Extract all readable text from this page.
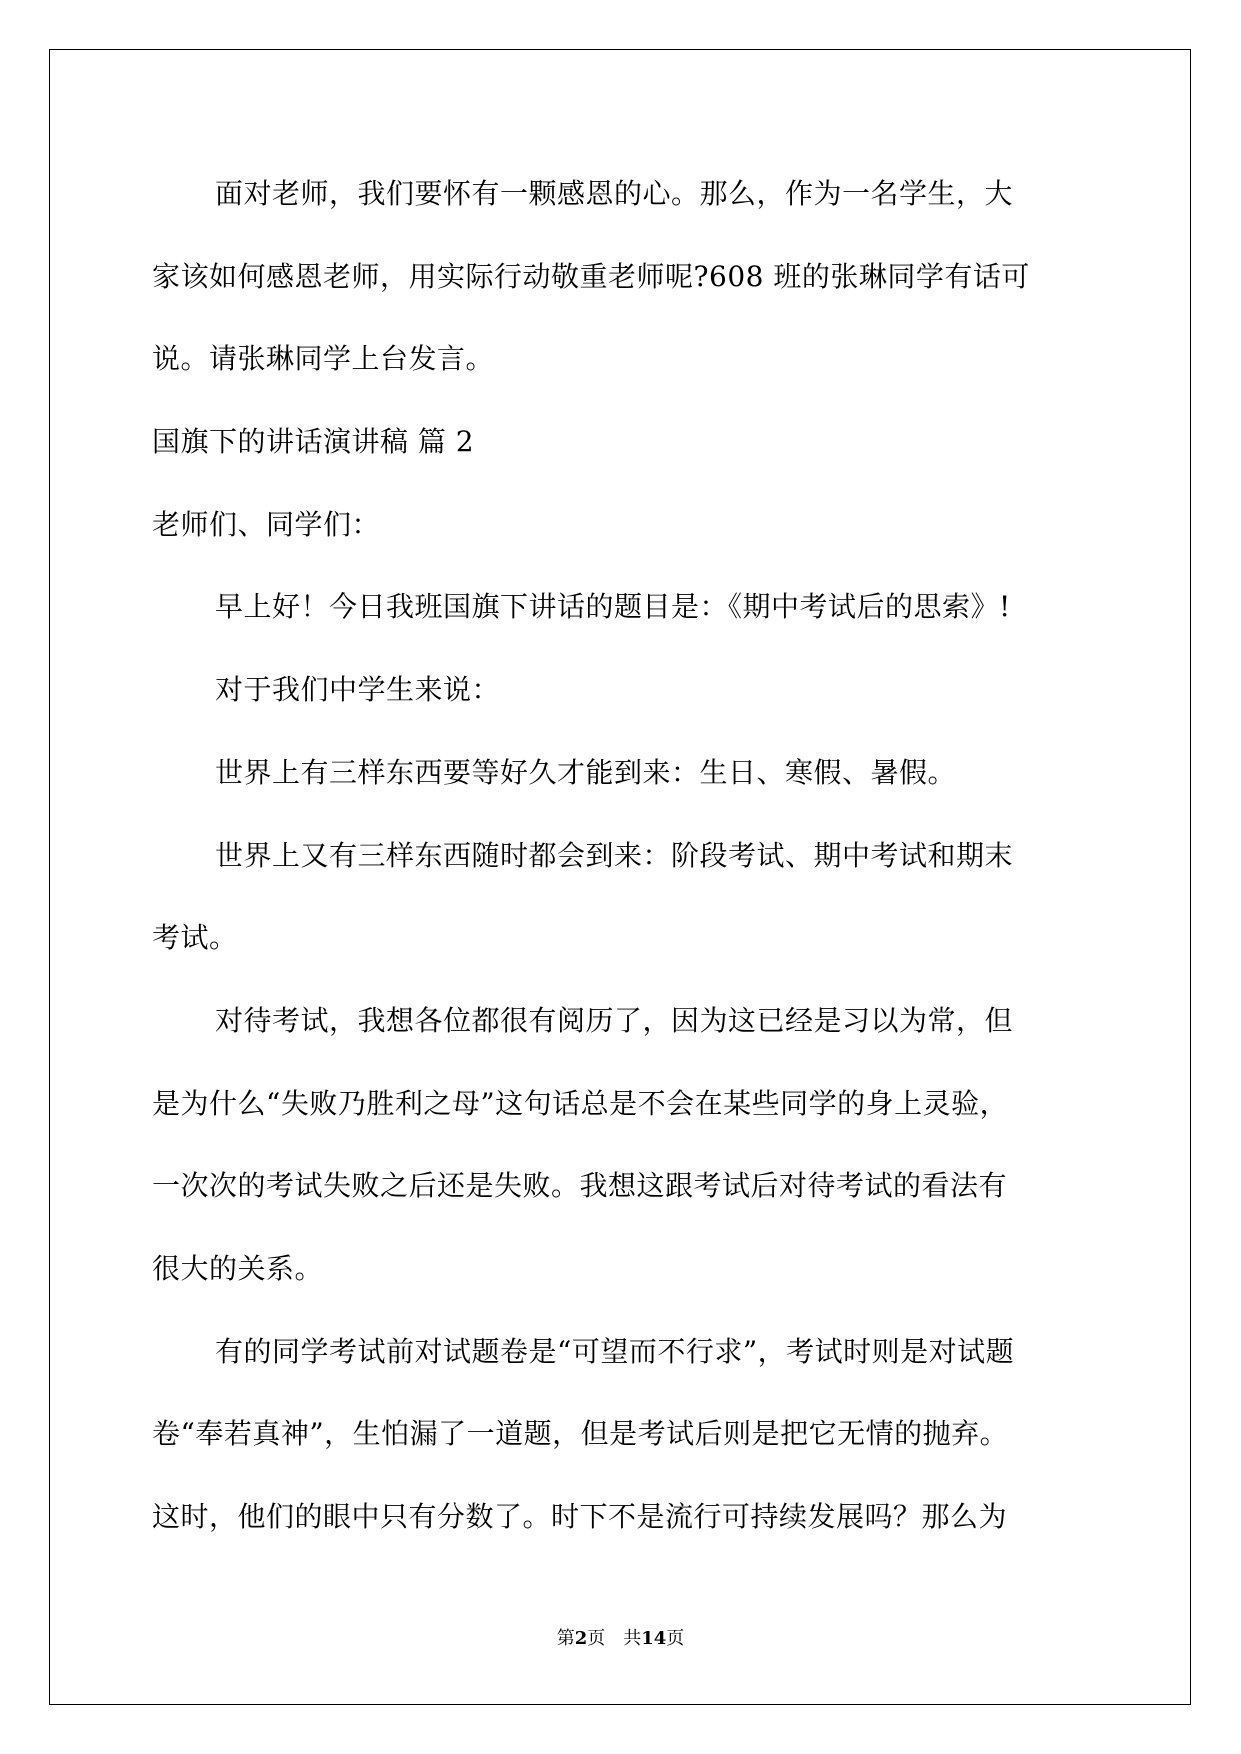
面对老师，我们要怀有一颗感恩的心。那么，作为一名学生，大
家该如何感恩老师，用实际行动敬重老师呢?608 班的张琳同学有话可
说。请张琳同学上台发言。
国旗下的讲话演讲稿 篇 2
老师们、同学们：
早上好！今日我班国旗下讲话的题目是：《期中考试后的思索》!
对于我们中学生来说：
世界上有三样东西要等好久才能到来：生日、寒假、暑假。
世界上又有三样东西随时都会到来：阶段考试、期中考试和期末
考试。
对待考试，我想各位都很有阅历了，因为这已经是习以为常，但
是为什么“失败乃胜利之母”这句话总是不会在某些同学的身上灵验，
一次次的考试失败之后还是失败。我想这跟考试后对待考试的看法有
很大的关系。
有的同学考试前对试题卷是“可望而不行求”，考试时则是对试题
卷“奉若真神”，生怕漏了一道题，但是考试后则是把它无情的抛弃。
这时，他们的眼中只有分数了。时下不是流行可持续发展吗？那么为
第2页 共14页
